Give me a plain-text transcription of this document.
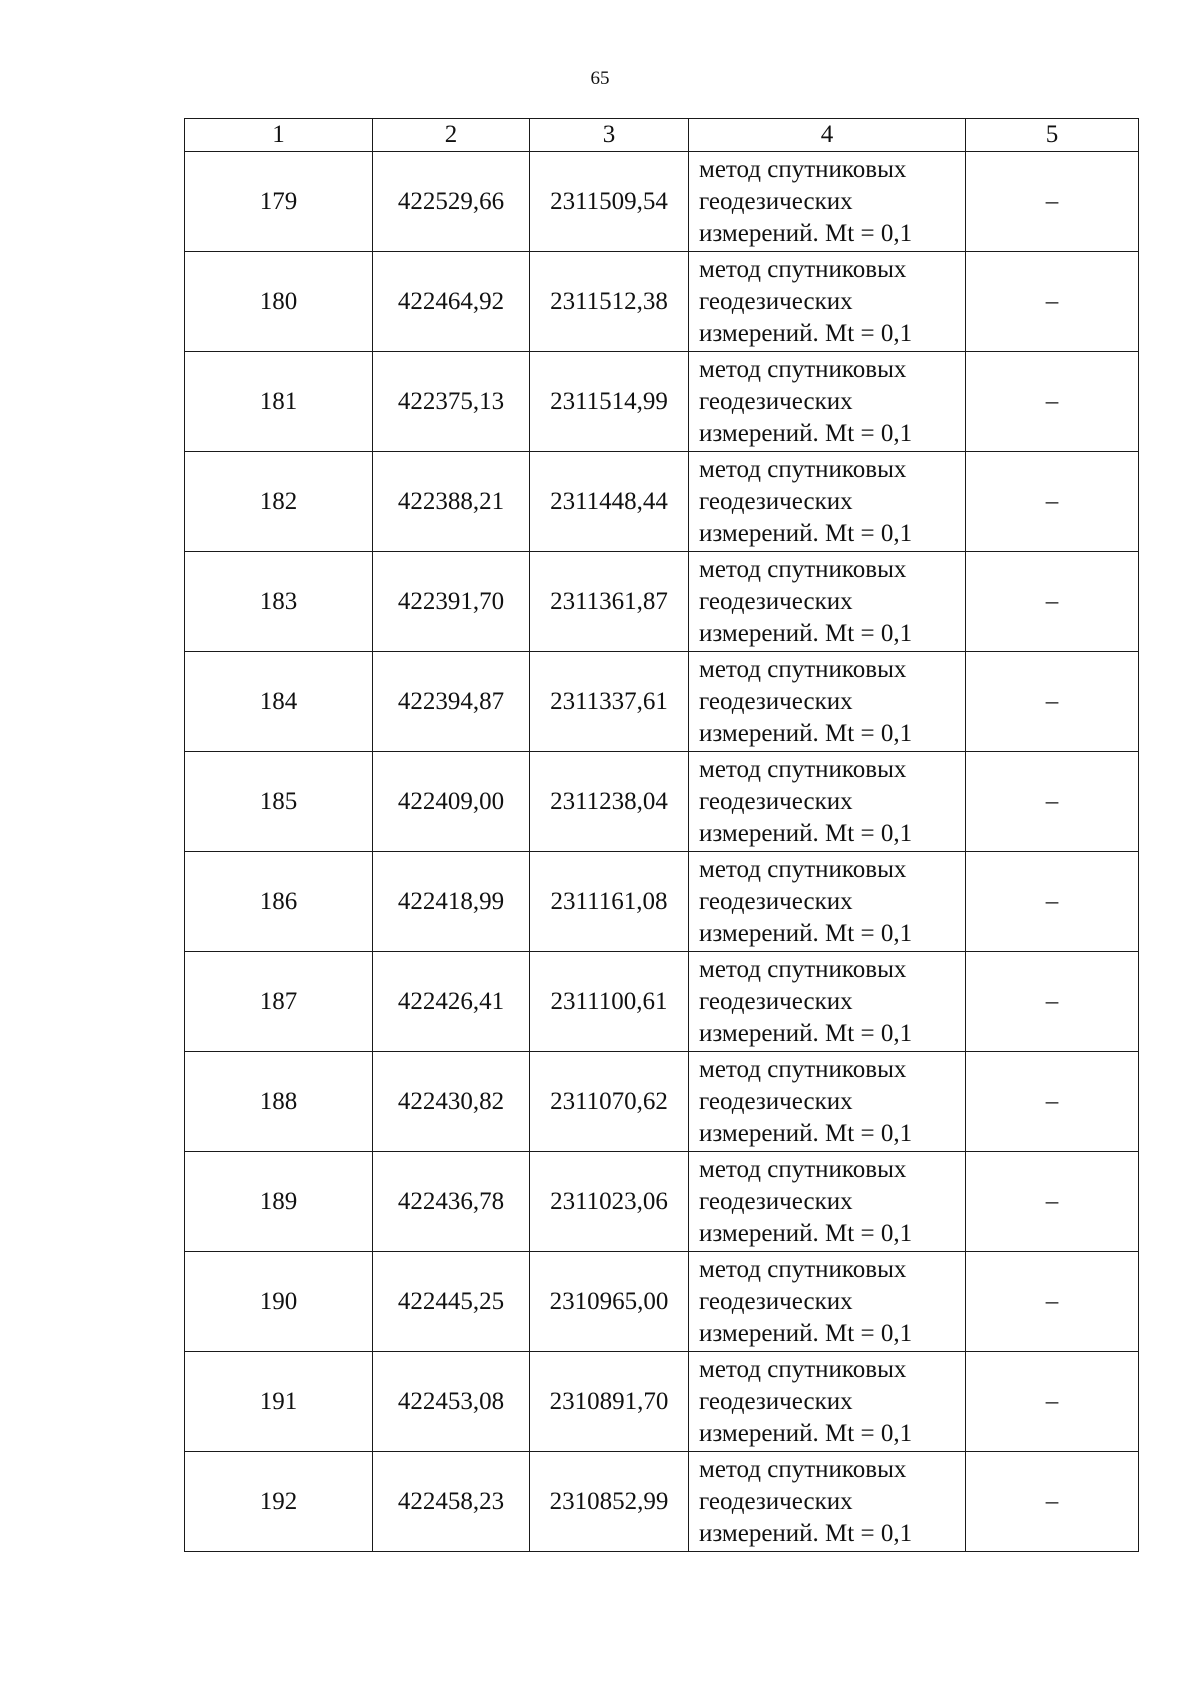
65
1	2	3	4	5
179	422529,66	2311509,54	метод спутниковых
геодезических
измерений. Mt = 0,1	–
180	422464,92	2311512,38	метод спутниковых
геодезических
измерений. Mt = 0,1	–
181	422375,13	2311514,99	метод спутниковых
геодезических
измерений. Mt = 0,1	–
182	422388,21	2311448,44	метод спутниковых
геодезических
измерений. Mt = 0,1	–
183	422391,70	2311361,87	метод спутниковых
геодезических
измерений. Mt = 0,1	–
184	422394,87	2311337,61	метод спутниковых
геодезических
измерений. Mt = 0,1	–
185	422409,00	2311238,04	метод спутниковых
геодезических
измерений. Mt = 0,1	–
186	422418,99	2311161,08	метод спутниковых
геодезических
измерений. Mt = 0,1	–
187	422426,41	2311100,61	метод спутниковых
геодезических
измерений. Mt = 0,1	–
188	422430,82	2311070,62	метод спутниковых
геодезических
измерений. Mt = 0,1	–
189	422436,78	2311023,06	метод спутниковых
геодезических
измерений. Mt = 0,1	–
190	422445,25	2310965,00	метод спутниковых
геодезических
измерений. Mt = 0,1	–
191	422453,08	2310891,70	метод спутниковых
геодезических
измерений. Mt = 0,1	–
192	422458,23	2310852,99	метод спутниковых
геодезических
измерений. Mt = 0,1	–
